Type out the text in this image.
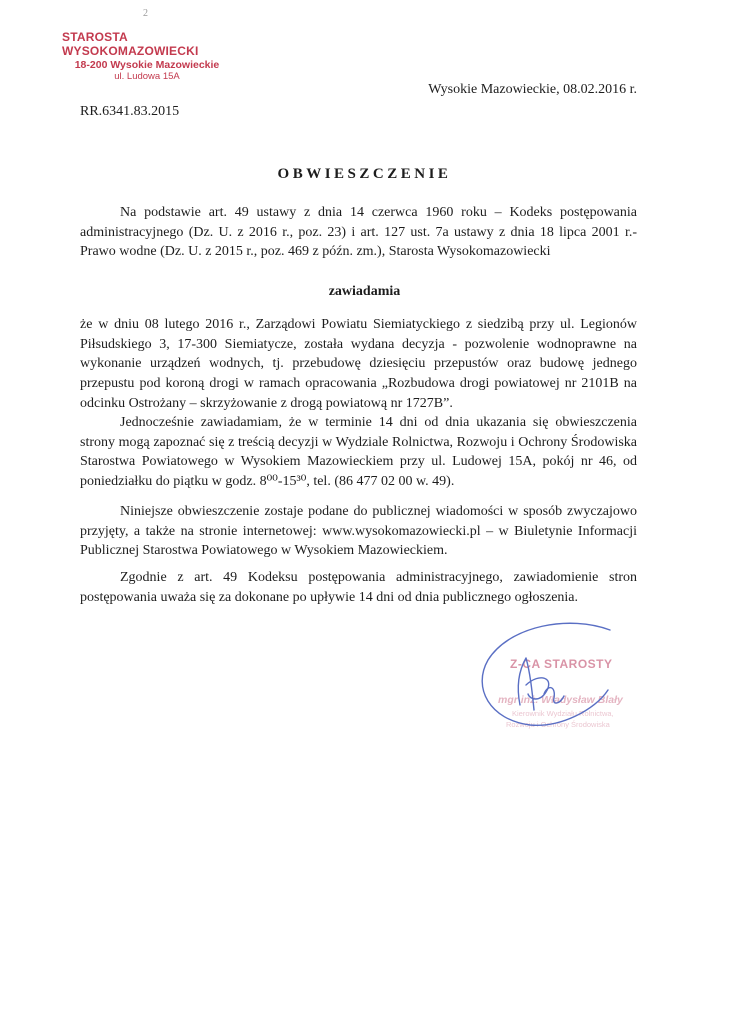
2
STAROSTA WYSOKOMAZOWIECKI
18-200 Wysokie Mazowieckie
ul. Ludowa 15A
Wysokie Mazowieckie, 08.02.2016 r.
RR.6341.83.2015
OBWIESZCZENIE

Na podstawie art. 49 ustawy z dnia 14 czerwca 1960 roku – Kodeks postępowania administracyjnego (Dz. U. z 2016 r., poz. 23) i art. 127 ust. 7a ustawy z dnia 18 lipca 2001 r.- Prawo wodne (Dz. U. z 2015 r., poz. 469 z późn. zm.), Starosta Wysokomazowiecki

zawiadamia

że w dniu 08 lutego 2016 r., Zarządowi Powiatu Siemiatyckiego z siedzibą przy ul. Legionów Piłsudskiego 3, 17-300 Siemiatycze, została wydana decyzja - pozwolenie wodnoprawne na wykonanie urządzeń wodnych, tj. przebudowę dziesięciu przepustów oraz budowę jednego przepustu pod koroną drogi w ramach opracowania „Rozbudowa drogi powiatowej nr 2101B na odcinku Ostrożany – skrzyżowanie z drogą powiatową nr 1727B”.

Jednocześnie zawiadamiam, że w terminie 14 dni od dnia ukazania się obwieszczenia strony mogą zapoznać się z treścią decyzji w Wydziale Rolnictwa, Rozwoju i Ochrony Środowiska Starostwa Powiatowego w Wysokiem Mazowieckiem przy ul. Ludowej 15A, pokój nr 46, od poniedziałku do piątku w godz. 8⁰⁰-15³⁰, tel. (86 477 02 00 w. 49).

Niniejsze obwieszczenie zostaje podane do publicznej wiadomości w sposób zwyczajowo przyjęty, a także na stronie internetowej: www.wysokomazowiecki.pl – w Biuletynie Informacji Publicznej Starostwa Powiatowego w Wysokiem Mazowieckiem.

Zgodnie z art. 49 Kodeksu postępowania administracyjnego, zawiadomienie stron postępowania uważa się za dokonane po upływie 14 dni od dnia publicznego ogłoszenia.

Z-CA STAROSTY
mgr inż. Władysław Blały
Kierownik Wydziału Rolnictwa,
Rozwoju i Ochrony Środowiska
